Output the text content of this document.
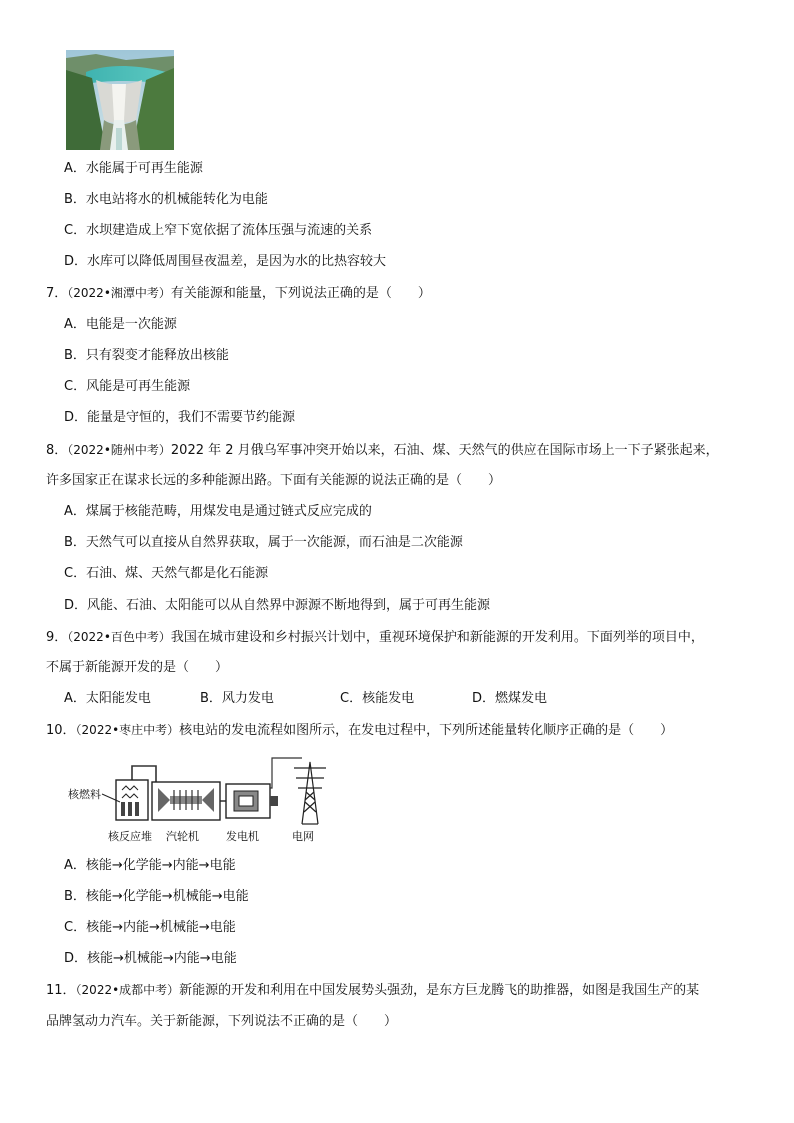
A．水能属于可再生能源
B．水电站将水的机械能转化为电能
C．水坝建造成上窄下宽依据了流体压强与流速的关系
D．水库可以降低周围昼夜温差，是因为水的比热容较大
7．（2022•湘潭中考）有关能源和能量，下列说法正确的是（　　）
A．电能是一次能源
B．只有裂变才能释放出核能
C．风能是可再生能源
D．能量是守恒的，我们不需要节约能源
8．（2022•随州中考）2022 年 2 月俄乌军事冲突开始以来，石油、煤、天然气的供应在国际市场上一下子紧张起来，
许多国家正在谋求长远的多种能源出路。下面有关能源的说法正确的是（　　）
A．煤属于核能范畴，用煤发电是通过链式反应完成的
B．天然气可以直接从自然界获取，属于一次能源，而石油是二次能源
C．石油、煤、天然气都是化石能源
D．风能、石油、太阳能可以从自然界中源源不断地得到，属于可再生能源
9．（2022•百色中考）我国在城市建设和乡村振兴计划中，重视环境保护和新能源的开发利用。下面列举的项目中，
不属于新能源开发的是（　　）
A．太阳能发电	B．风力发电	C．核能发电	D．燃煤发电
10．（2022•枣庄中考）核电站的发电流程如图所示，在发电过程中，下列所述能量转化顺序正确的是（　　）
核燃料
核反应堆 汽轮机 发电机	电网
A．核能→化学能→内能→电能
B．核能→化学能→机械能→电能
C．核能→内能→机械能→电能
D．核能→机械能→内能→电能
11．（2022•成都中考）新能源的开发和利用在中国发展势头强劲，是东方巨龙腾飞的助推器，如图是我国生产的某
品牌氢动力汽车。关于新能源，下列说法不正确的是（　　）
